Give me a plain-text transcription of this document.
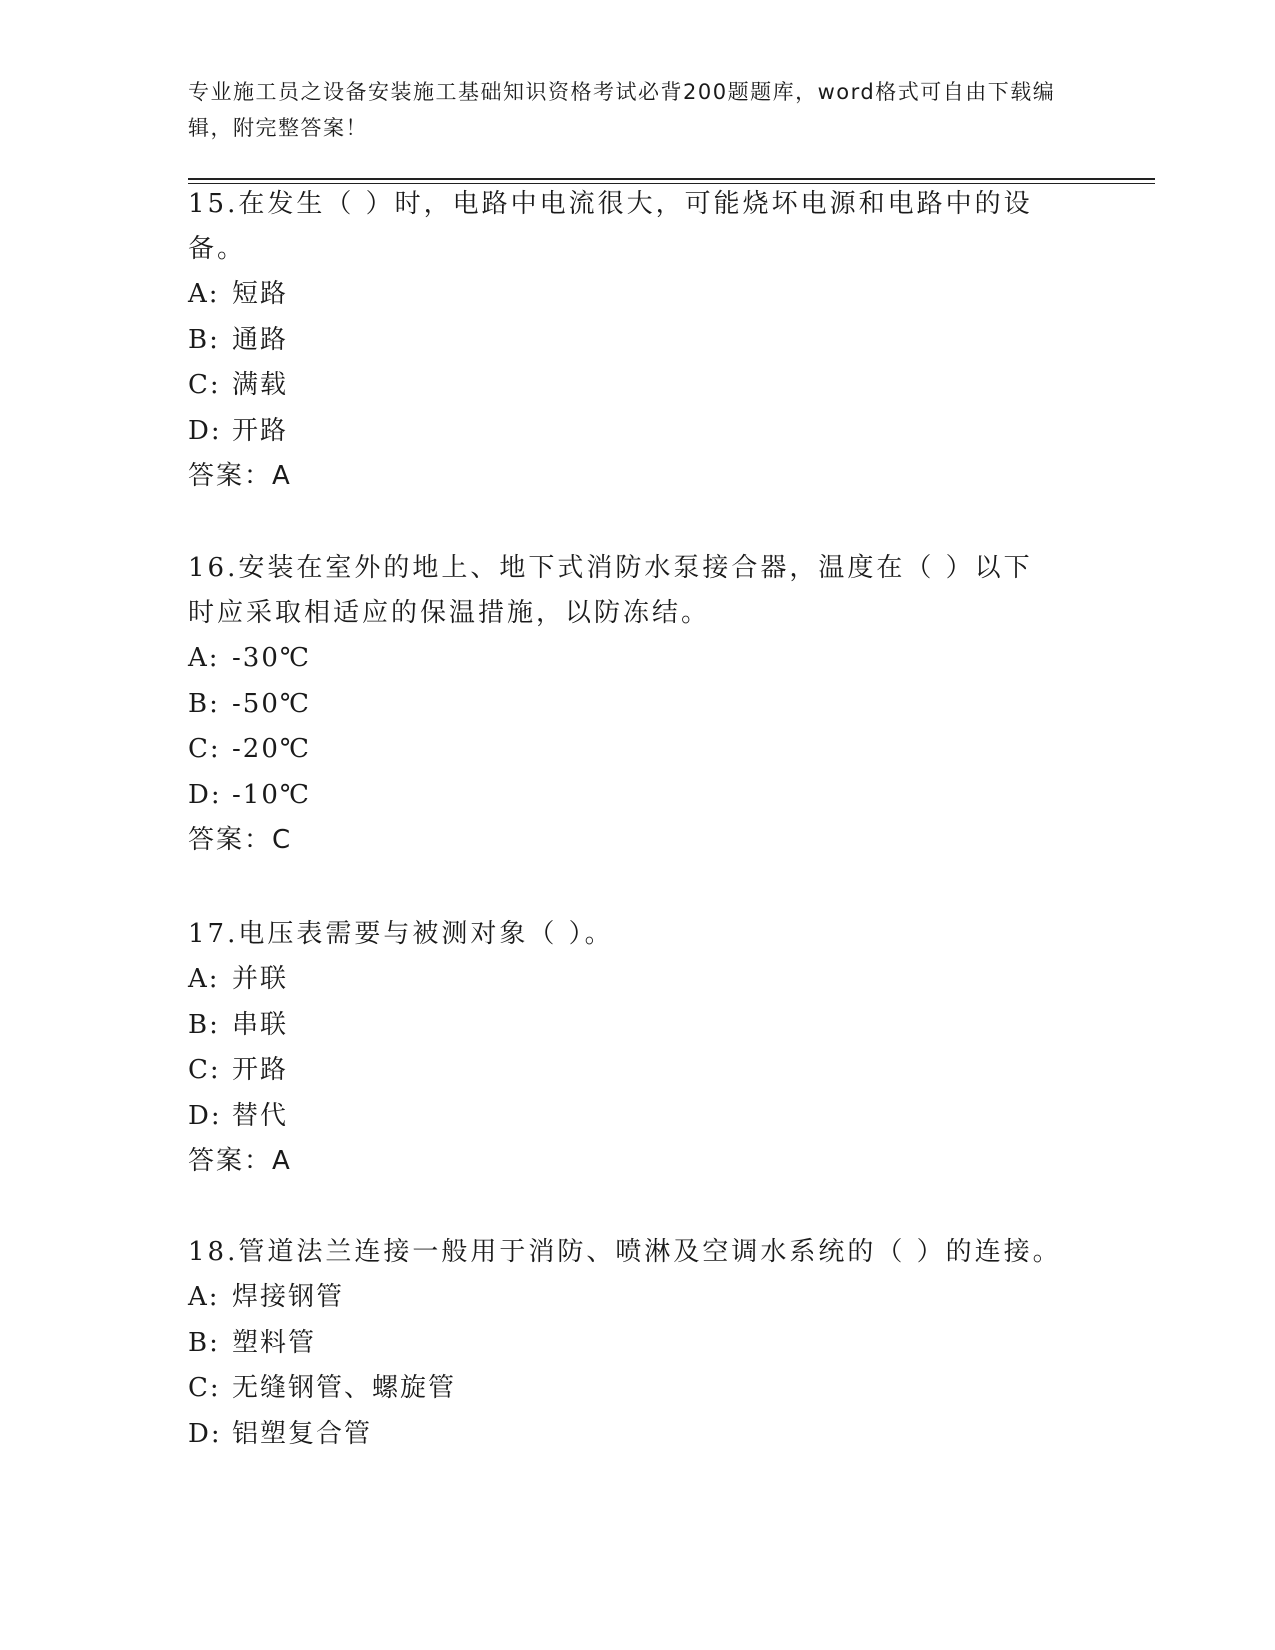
专业施工员之设备安装施工基础知识资格考试必背200题题库，word格式可自由下载编辑，附完整答案！
15.在发生（ ）时，电路中电流很大，可能烧坏电源和电路中的设备。
A: 短路
B: 通路
C: 满载
D: 开路
答案：A
16.安装在室外的地上、地下式消防水泵接合器，温度在（ ）以下时应采取相适应的保温措施，以防冻结。
A: -30℃
B: -50℃
C: -20℃
D: -10℃
答案：C
17.电压表需要与被测对象（ ）。
A: 并联
B: 串联
C: 开路
D: 替代
答案：A
18.管道法兰连接一般用于消防、喷淋及空调水系统的（ ）的连接。
A: 焊接钢管
B: 塑料管
C: 无缝钢管、螺旋管
D: 铝塑复合管
